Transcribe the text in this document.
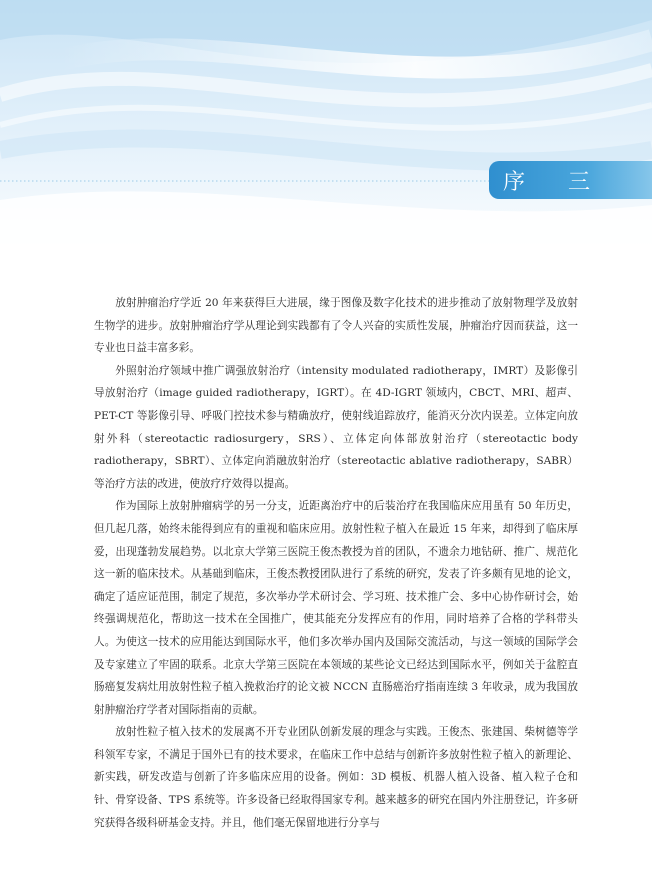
序 三

放射肿瘤治疗学近 20 年来获得巨大进展，缘于图像及数字化技术的进步推动了放射物理学及放射生物学的进步。放射肿瘤治疗学从理论到实践都有了令人兴奋的实质性发展，肿瘤治疗因而获益，这一专业也日益丰富多彩。

外照射治疗领域中推广调强放射治疗（intensity modulated radiotherapy，IMRT）及影像引导放射治疗（image guided radiotherapy，IGRT）。在 4D-IGRT 领域内，CBCT、MRI、超声、PET-CT 等影像引导、呼吸门控技术参与精确放疗，使射线追踪放疗，能消灭分次内误差。立体定向放射外科（stereotactic radiosurgery，SRS）、立体定向体部放射治疗（stereotactic body radiotherapy，SBRT）、立体定向消融放射治疗（stereotactic ablative radiotherapy，SABR）等治疗方法的改进，使放疗疗效得以提高。

作为国际上放射肿瘤病学的另一分支，近距离治疗中的后装治疗在我国临床应用虽有 50 年历史，但几起几落，始终未能得到应有的重视和临床应用。放射性粒子植入在最近 15 年来，却得到了临床厚爱，出现蓬勃发展趋势。以北京大学第三医院王俊杰教授为首的团队，不遗余力地钻研、推广、规范化这一新的临床技术。从基础到临床，王俊杰教授团队进行了系统的研究，发表了许多颇有见地的论文，确定了适应证范围，制定了规范，多次举办学术研讨会、学习班、技术推广会、多中心协作研讨会，始终强调规范化，帮助这一技术在全国推广，使其能充分发挥应有的作用，同时培养了合格的学科带头人。为使这一技术的应用能达到国际水平，他们多次举办国内及国际交流活动，与这一领域的国际学会及专家建立了牢固的联系。北京大学第三医院在本领域的某些论文已经达到国际水平，例如关于盆腔直肠癌复发病灶用放射性粒子植入挽救治疗的论文被 NCCN 直肠癌治疗指南连续 3 年收录，成为我国放射肿瘤治疗学者对国际指南的贡献。

放射性粒子植入技术的发展离不开专业团队创新发展的理念与实践。王俊杰、张建国、柴树德等学科领军专家，不满足于国外已有的技术要求，在临床工作中总结与创新许多放射性粒子植入的新理论、新实践，研发改造与创新了许多临床应用的设备。例如：3D 模板、机器人植入设备、植入粒子仓和针、骨穿设备、TPS 系统等。许多设备已经取得国家专利。越来越多的研究在国内外注册登记，许多研究获得各级科研基金支持。并且，他们毫无保留地进行分享与
